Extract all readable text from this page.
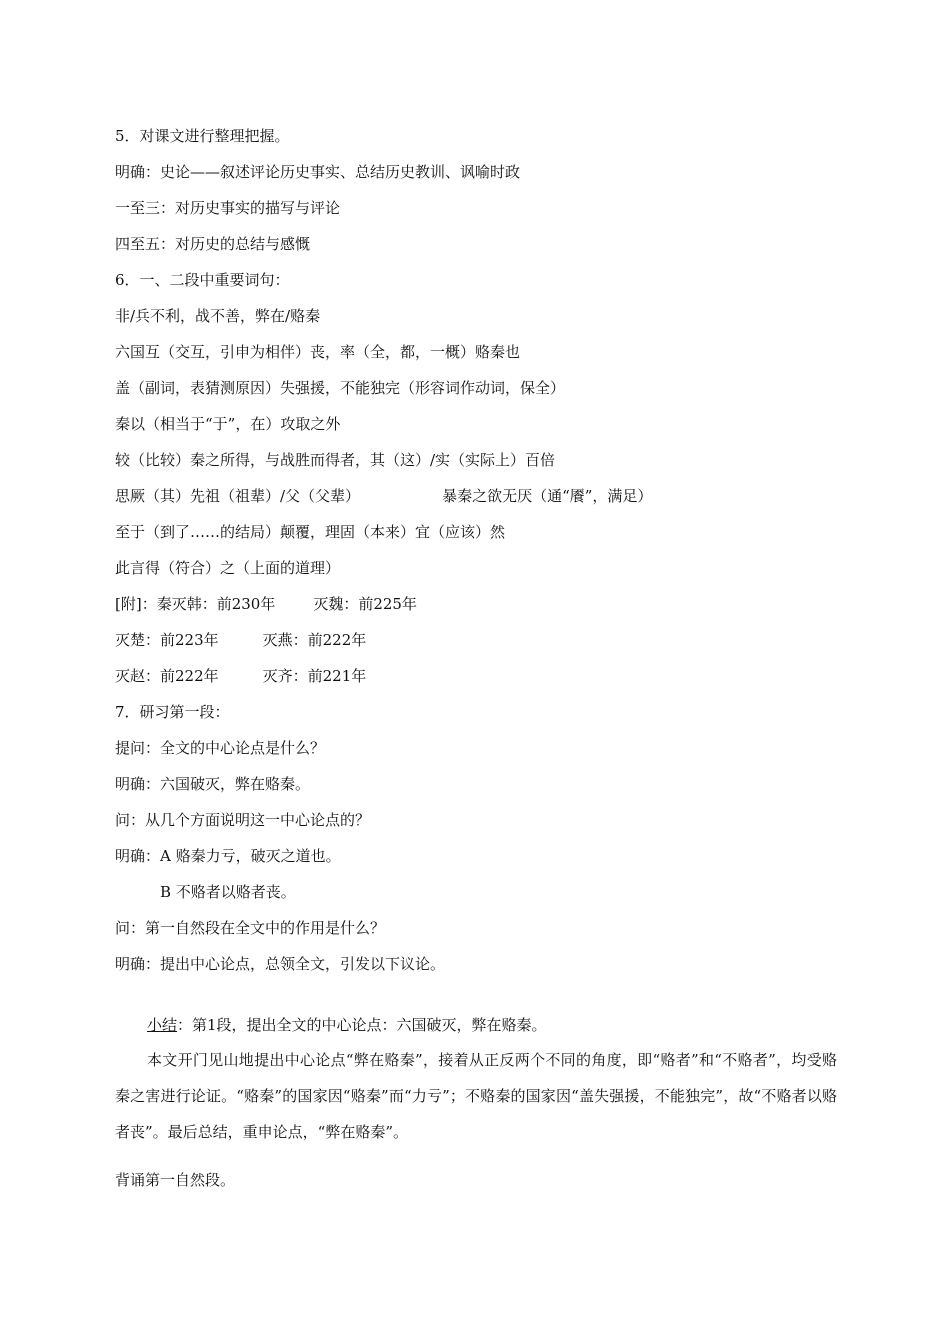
5．对课文进行整理把握。
明确：史论——叙述评论历史事实、总结历史教训、讽喻时政
一至三：对历史事实的描写与评论
四至五：对历史的总结与感慨
6．一、二段中重要词句：
非/兵不利，战不善，弊在/赂秦
六国互（交互，引申为相伴）丧，率（全，都，一概）赂秦也
盖（副词，表猜测原因）失强援，不能独完（形容词作动词，保全）
秦以（相当于“于”，在）攻取之外
较（比较）秦之所得，与战胜而得者，其（这）/实（实际上）百倍
思厥（其）先祖（祖辈）/父（父辈）	暴秦之欲无厌（通“餍”，满足）
至于（到了……的结局）颠覆，理固（本来）宜（应该）然
此言得（符合）之（上面的道理）
[附]：秦灭韩：前230年	灭魏：前225年
灭楚：前223年	灭燕：前222年
灭赵：前222年	灭齐：前221年
7．研习第一段：
提问：全文的中心论点是什么？
明确：六国破灭，弊在赂秦。
问：从几个方面说明这一中心论点的？
明确：A 赂秦力亏，破灭之道也。
B 不赂者以赂者丧。
问：第一自然段在全文中的作用是什么？
明确：提出中心论点，总领全文，引发以下议论。
小结：第1段，提出全文的中心论点：六国破灭，弊在赂秦。
本文开门见山地提出中心论点“弊在赂秦”，接着从正反两个不同的角度，即“赂者”和“不赂者”，均受赂秦之害进行论证。“赂秦”的国家因“赂秦”而“力亏”；不赂秦的国家因“盖失强援，不能独完”，故“不赂者以赂者丧”。最后总结，重申论点，“弊在赂秦”。
背诵第一自然段。
